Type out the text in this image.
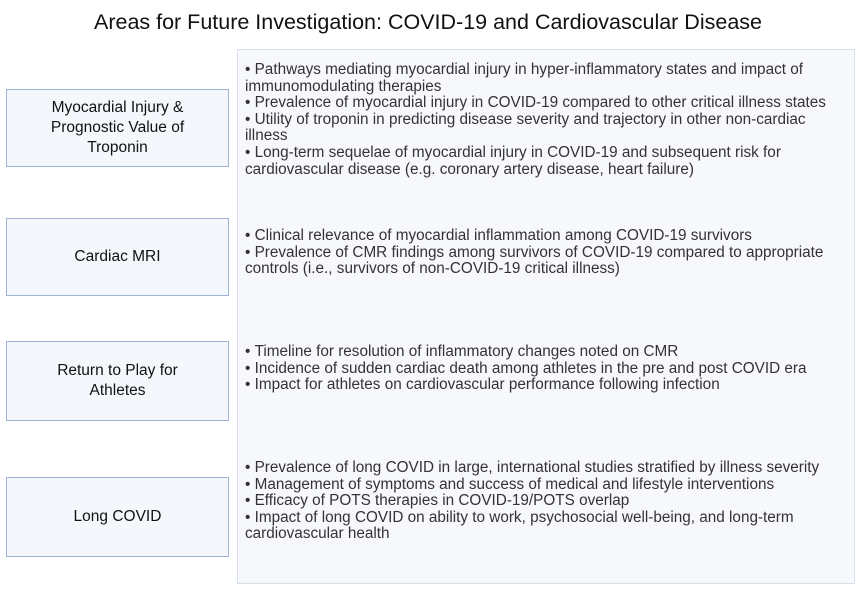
Areas for Future Investigation: COVID-19 and Cardiovascular Disease
Myocardial Injury &
Prognostic Value of
Troponin
• Pathways mediating myocardial injury in hyper-inflammatory states and impact of immunomodulating therapies
• Prevalence of myocardial injury in COVID-19 compared to other critical illness states
• Utility of troponin in predicting disease severity and trajectory in other non-cardiac illness
• Long-term sequelae of myocardial injury in COVID-19 and subsequent risk for cardiovascular disease (e.g. coronary artery disease, heart failure)
Cardiac MRI
• Clinical relevance of myocardial inflammation among COVID-19 survivors
• Prevalence of CMR findings among survivors of COVID-19 compared to appropriate controls (i.e., survivors of non-COVID-19 critical illness)
Return to Play for
Athletes
• Timeline for resolution of inflammatory changes noted on CMR
• Incidence of sudden cardiac death among athletes in the pre and post COVID era
• Impact for athletes on cardiovascular performance following infection
Long COVID
• Prevalence of long COVID in large, international studies stratified by illness severity
• Management of symptoms and success of medical and lifestyle interventions
• Efficacy of POTS therapies in COVID-19/POTS overlap
• Impact of long COVID on ability to work, psychosocial well-being, and long-term cardiovascular health
